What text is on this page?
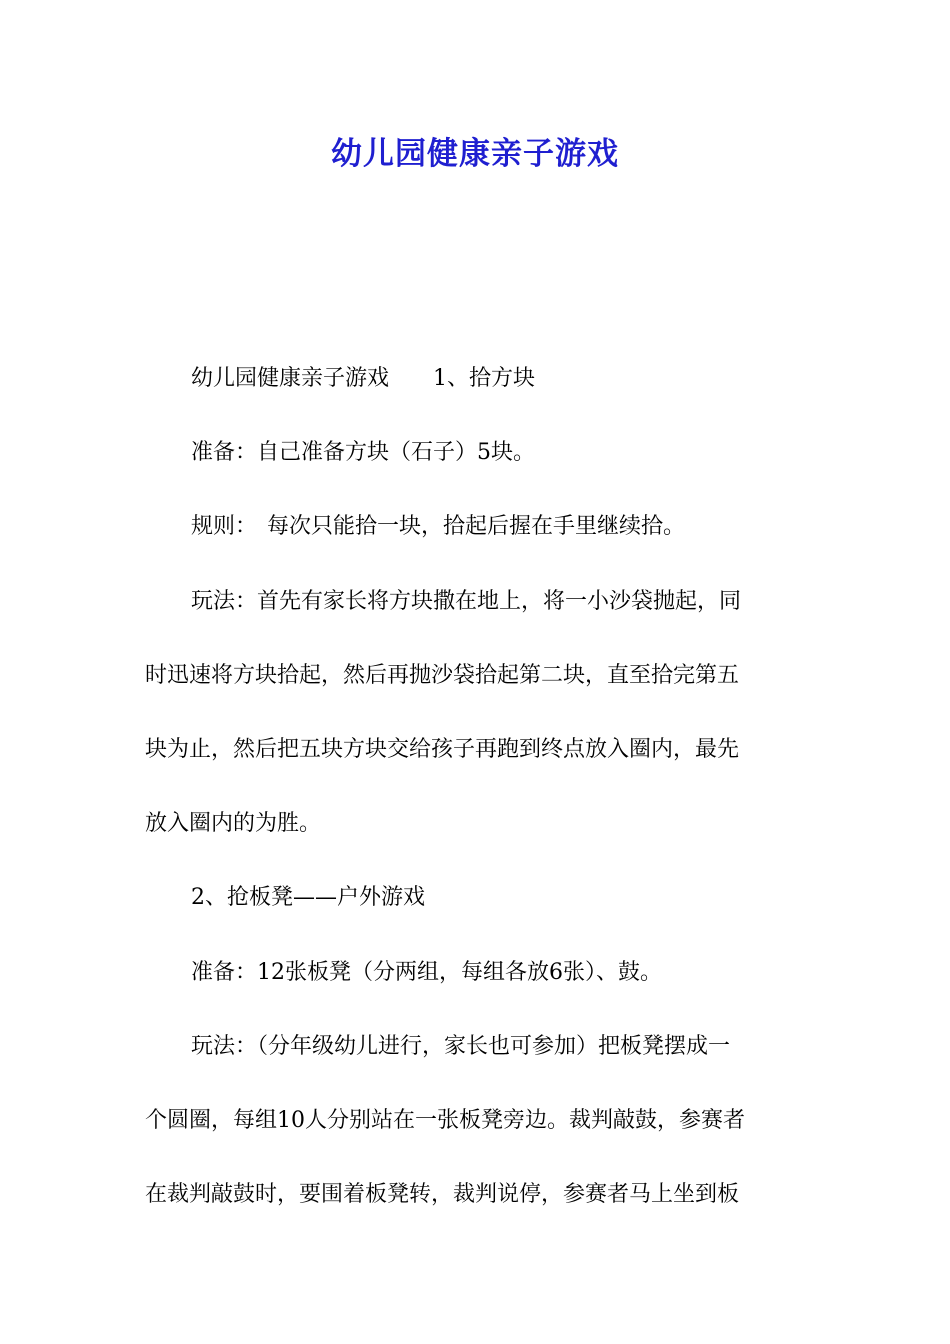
幼儿园健康亲子游戏

幼儿园健康亲子游戏 1、拾方块

准备：自己准备方块（石子）5块。

规则： 每次只能拾一块，拾起后握在手里继续拾。

玩法：首先有家长将方块撒在地上，将一小沙袋抛起，同

时迅速将方块拾起，然后再抛沙袋拾起第二块，直至拾完第五

块为止，然后把五块方块交给孩子再跑到终点放入圈内，最先

放入圈内的为胜。

2、抢板凳——户外游戏

准备：12张板凳（分两组，每组各放6张）、鼓。

玩法：（分年级幼儿进行，家长也可参加）把板凳摆成一

个圆圈，每组10人分别站在一张板凳旁边。裁判敲鼓，参赛者

在裁判敲鼓时，要围着板凳转，裁判说停，参赛者马上坐到板
